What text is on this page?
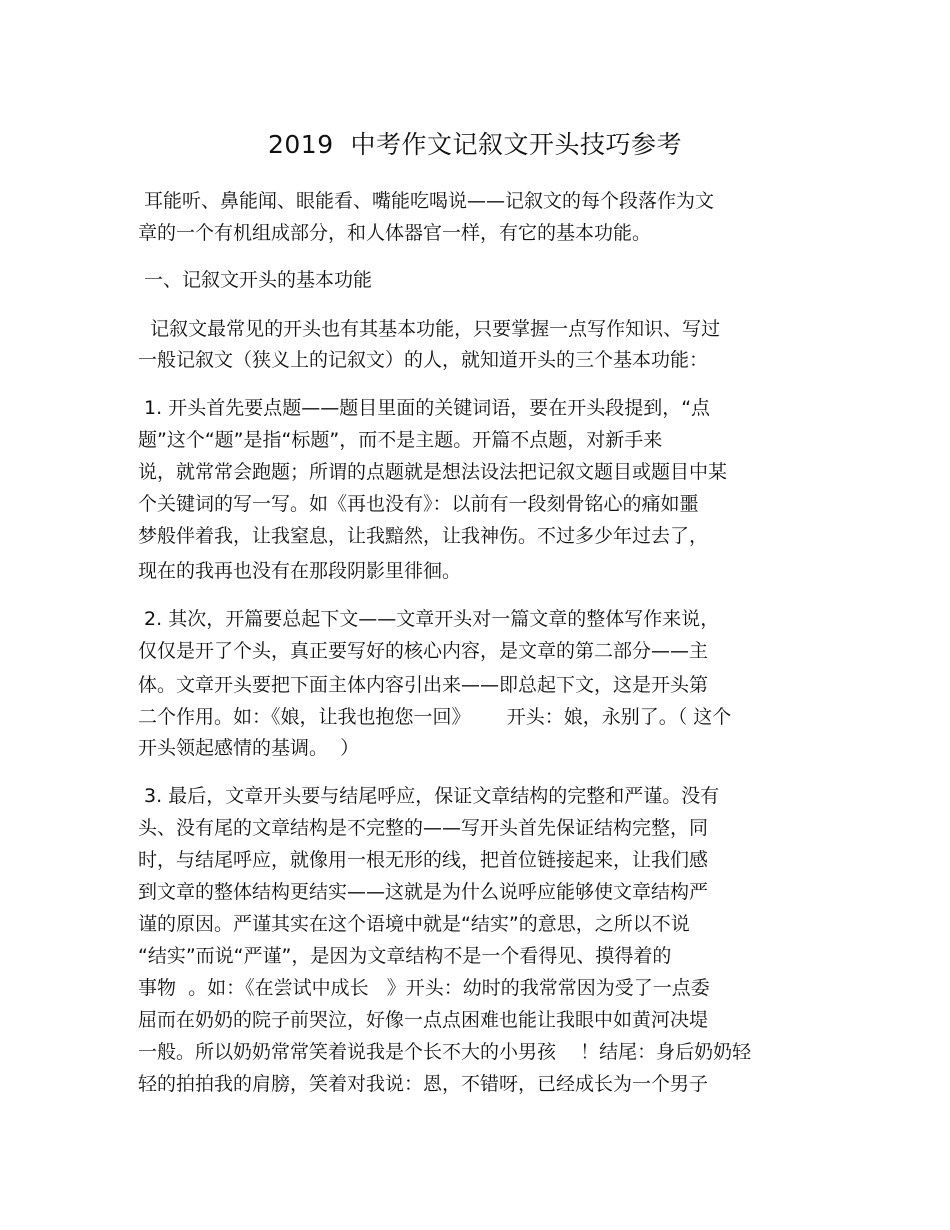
2019  中考作文记叙文开头技巧参考
耳能听、鼻能闻、眼能看、嘴能吃喝说——记叙文的每个段落作为文
章的一个有机组成部分，和人体器官一样，有它的基本功能。
一、记叙文开头的基本功能
记叙文最常见的开头也有其基本功能，只要掌握一点写作知识、写过
一般记叙文（狭义上的记叙文）的人，就知道开头的三个基本功能：
1. 开头首先要点题——题目里面的关键词语，要在开头段提到，“点
题”这个“题”是指“标题”，而不是主题。开篇不点题，对新手来
说，就常常会跑题；所谓的点题就是想法设法把记叙文题目或题目中某
个关键词的写一写。如《再也没有》：以前有一段刻骨铭心的痛如噩
梦般伴着我，让我窒息，让我黯然，让我神伤。不过多少年过去了，
现在的我再也没有在那段阴影里徘徊。
2. 其次，开篇要总起下文——文章开头对一篇文章的整体写作来说，
仅仅是开了个头，真正要写好的核心内容，是文章的第二部分——主
体。文章开头要把下面主体内容引出来——即总起下文，这是开头第
二个作用。如：《娘，让我也抱您一回》      开头：娘，永别了。（ 这个
开头领起感情的基调。  ）
3. 最后，文章开头要与结尾呼应，保证文章结构的完整和严谨。没有
头、没有尾的文章结构是不完整的——写开头首先保证结构完整，同
时，与结尾呼应，就像用一根无形的线，把首位链接起来，让我们感
到文章的整体结构更结实——这就是为什么说呼应能够使文章结构严
谨的原因。严谨其实在这个语境中就是“结实”的意思，之所以不说
“结实”而说“严谨”，是因为文章结构不是一个看得见、摸得着的
事物  。如：《在尝试中成长   》开头：幼时的我常常因为受了一点委
屈而在奶奶的院子前哭泣，好像一点点困难也能让我眼中如黄河决堤
一般。所以奶奶常常笑着说我是个长不大的小男孩    ！结尾：身后奶奶轻
轻的拍拍我的肩膀，笑着对我说：恩，不错呀，已经成长为一个男子
